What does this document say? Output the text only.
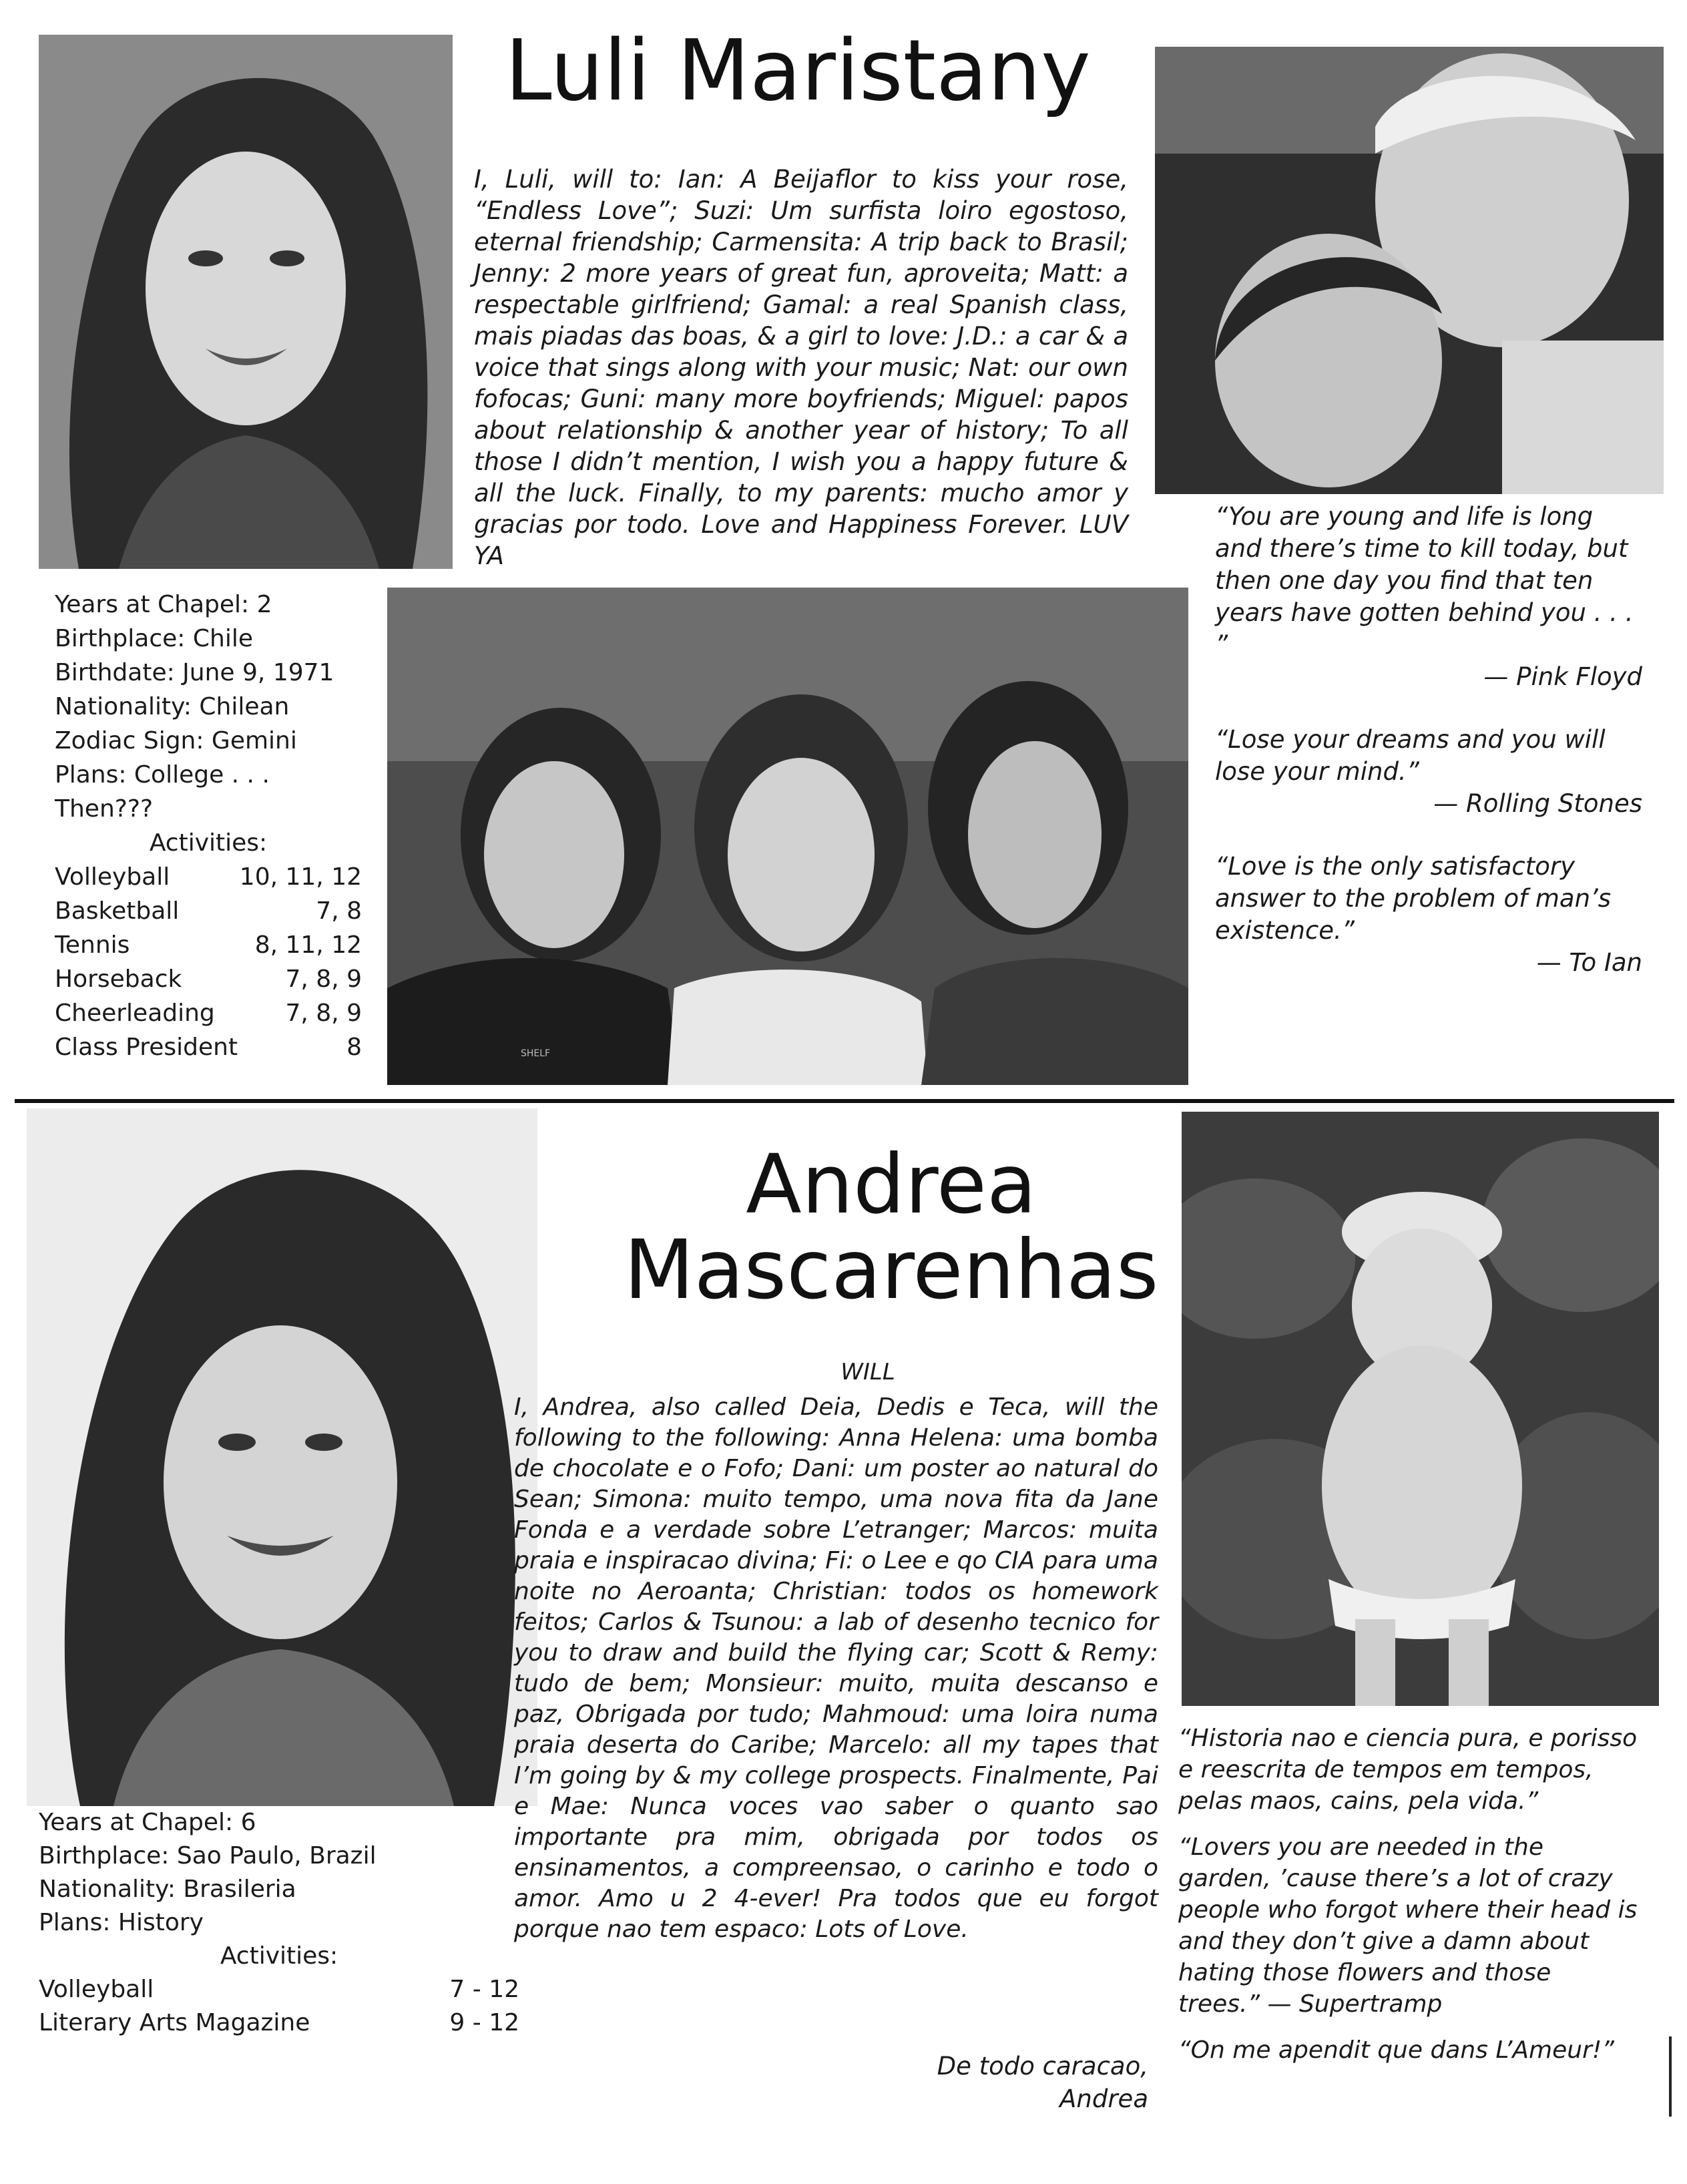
Luli Maristany
I, Luli, will to: Ian: A Beijaflor to kiss your rose, “Endless Love”; Suzi: Um surfista loiro egostoso, eternal friendship; Carmensita: A trip back to Brasil; Jenny: 2 more years of great fun, aproveita; Matt: a respectable girlfriend; Gamal: a real Spanish class, mais piadas das boas, & a girl to love: J.D.: a car & a voice that sings along with your music; Nat: our own fofocas; Guni: many more boyfriends; Miguel: papos about relationship & another year of history; To all those I didn’t mention, I wish you a happy future & all the luck. Finally, to my parents: mucho amor y gracias por todo. Love and Happiness Forever. LUV YA
Years at Chapel: 2
Birthplace: Chile
Birthdate: June 9, 1971
Nationality: Chilean
Zodiac Sign: Gemini
Plans: College . . .
Then???
Activities:
Volleyball	10, 11, 12
Basketball	7, 8
Tennis	8, 11, 12
Horseback	7, 8, 9
Cheerleading	7, 8, 9
Class President	8	SHELF
“You are young and life is long and there’s time to kill today, but then one day you find that ten years have gotten behind you . . . ”
— Pink Floyd
“Lose your dreams and you will lose your mind.”
— Rolling Stones
“Love is the only satisfactory answer to the problem of man’s existence.”
— To Ian
Andrea
Mascarenhas
WILL
I, Andrea, also called Deia, Dedis e Teca, will the following to the following: Anna Helena: uma bomba de chocolate e o Fofo; Dani: um poster ao natural do Sean; Simona: muito tempo, uma nova fita da Jane Fonda e a verdade sobre L’etranger; Marcos: muita praia e inspiracao divina; Fi: o Lee e qo CIA para uma noite no Aeroanta; Christian: todos os homework feitos; Carlos & Tsunou: a lab of desenho tecnico for you to draw and build the flying car; Scott & Remy: tudo de bem; Monsieur: muito, muita descanso e paz, Obrigada por tudo; Mahmoud: uma loira numa praia deserta do Caribe; Marcelo: all my tapes that I’m going by & my college prospects. Finalmente, Pai e Mae: Nunca voces vao saber o quanto sao importante pra mim, obrigada por todos os ensinamentos, a compreensao, o carinho e todo o amor. Amo u 2 4-ever! Pra todos que eu forgot porque nao tem espaco: Lots of Love.
De todo caracao,
Andrea
Years at Chapel: 6
Birthplace: Sao Paulo, Brazil
Nationality: Brasileria
Plans: History
Activities:
Volleyball	7 - 12
Literary Arts Magazine	9 - 12
“Historia nao e ciencia pura, e porisso e reescrita de tempos em tempos, pelas maos, cains, pela vida.”
“Lovers you are needed in the garden, ’cause there’s a lot of crazy people who forgot where their head is and they don’t give a damn about hating those flowers and those trees.” — Supertramp
“On me apendit que dans L’Ameur!”
